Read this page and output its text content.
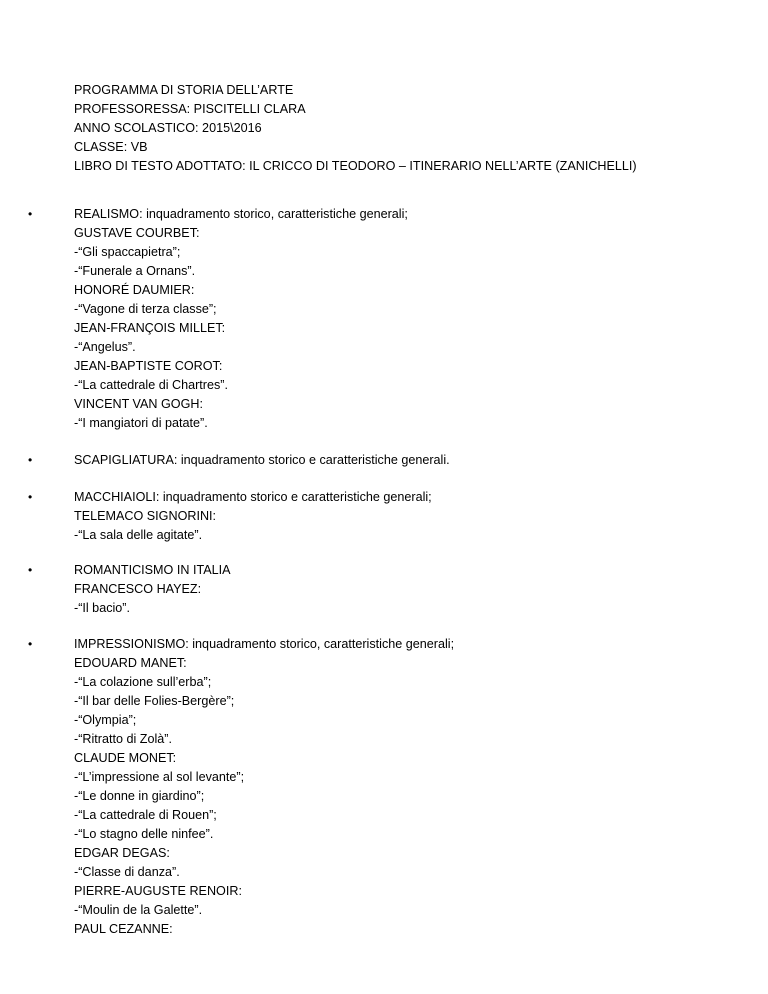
PROGRAMMA DI STORIA DELL’ARTE
PROFESSORESSA: PISCITELLI CLARA
ANNO SCOLASTICO: 2015\2016
CLASSE: VB
LIBRO DI TESTO ADOTTATO: IL CRICCO DI TEODORO – ITINERARIO NELL’ARTE (ZANICHELLI)
•	REALISMO: inquadramento storico, caratteristiche generali;
GUSTAVE COURBET:
-“Gli spaccapietra”;
-“Funerale a Ornans”.
HONORÉ DAUMIER:
-“Vagone di terza classe”;
JEAN-FRANÇOIS MILLET:
-“Angelus”.
JEAN-BAPTISTE COROT:
-“La cattedrale di Chartres”.
VINCENT VAN GOGH:
-“I mangiatori di patate”.
•	SCAPIGLIATURA: inquadramento storico e caratteristiche generali.
•	MACCHIAIOLI: inquadramento storico e caratteristiche generali;
TELEMACO SIGNORINI:
-“La sala delle agitate”.
•	ROMANTICISMO IN ITALIA
FRANCESCO HAYEZ:
-“Il bacio”.
•	IMPRESSIONISMO: inquadramento storico, caratteristiche generali;
EDOUARD MANET:
-“La colazione sull’erba”;
-“Il bar delle Folies-Bergère”;
-“Olympia”;
-“Ritratto di Zolà”.
CLAUDE MONET:
-“L’impressione al sol levante”;
-“Le donne in giardino”;
-“La cattedrale di Rouen”;
-“Lo stagno delle ninfee”.
EDGAR DEGAS:
-“Classe di danza”.
PIERRE-AUGUSTE RENOIR:
-“Moulin de la Galette”.
PAUL CEZANNE:
